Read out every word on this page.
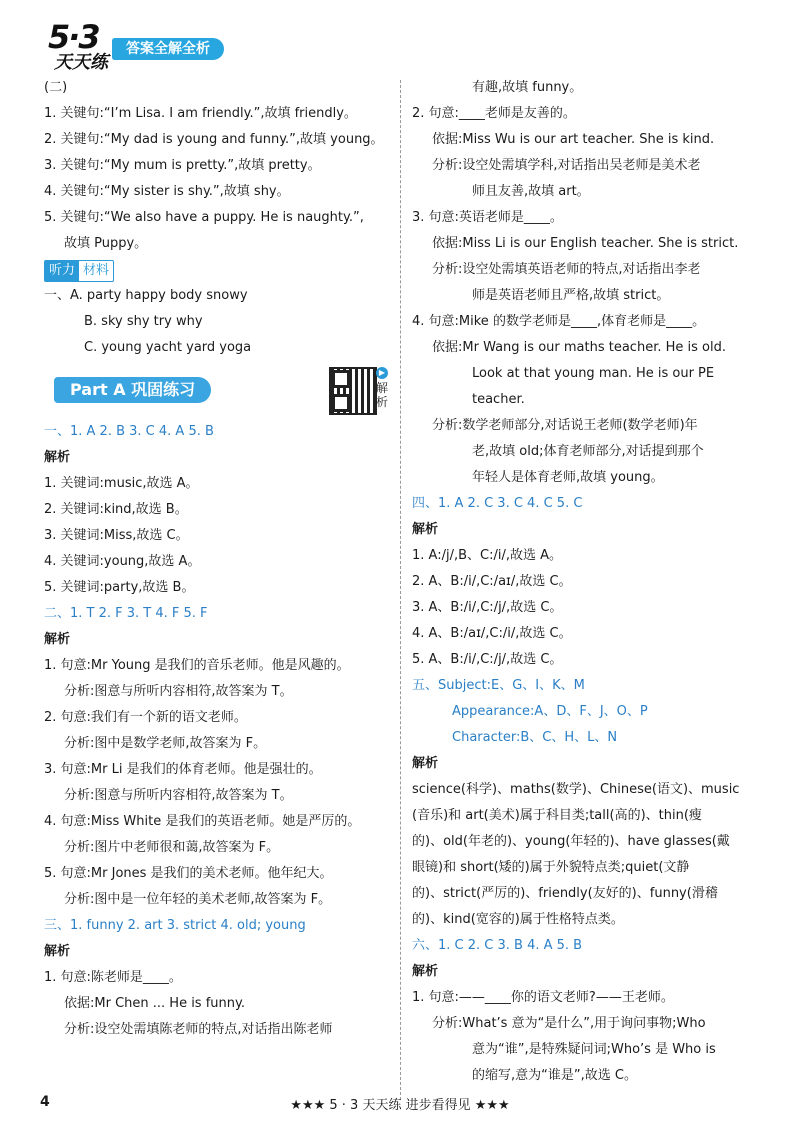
5·3
天天练
答案全解全析
(二)
1. 关键句:“I’m Lisa. I am friendly.”,故填 friendly。
2. 关键句:“My dad is young and funny.”,故填 young。
3. 关键句:“My mum is pretty.”,故填 pretty。
4. 关键句:“My sister is shy.”,故填 shy。
5. 关键句:“We also have a puppy. He is naughty.”,
故填 Puppy。
听力 材料
一、A. party happy body snowy
B. sky shy try why
C. young yacht yard yoga
Part A 巩固练习
▶
解析
一、1. A 2. B 3. C 4. A 5. B
解析
1. 关键词:music,故选 A。
2. 关键词:kind,故选 B。
3. 关键词:Miss,故选 C。
4. 关键词:young,故选 A。
5. 关键词:party,故选 B。
二、1. T 2. F 3. T 4. F 5. F
解析
1. 句意:Mr Young 是我们的音乐老师。他是风趣的。
分析:图意与所听内容相符,故答案为 T。
2. 句意:我们有一个新的语文老师。
分析:图中是数学老师,故答案为 F。
3. 句意:Mr Li 是我们的体育老师。他是强壮的。
分析:图意与所听内容相符,故答案为 T。
4. 句意:Miss White 是我们的英语老师。她是严厉的。
分析:图片中老师很和蔼,故答案为 F。
5. 句意:Mr Jones 是我们的美术老师。他年纪大。
分析:图中是一位年轻的美术老师,故答案为 F。
三、1. funny 2. art 3. strict 4. old; young
解析
1. 句意:陈老师是____。
依据:Mr Chen ... He is funny.
分析:设空处需填陈老师的特点,对话指出陈老师
有趣,故填 funny。
2. 句意:____老师是友善的。
依据:Miss Wu is our art teacher. She is kind.
分析:设空处需填学科,对话指出吴老师是美术老
师且友善,故填 art。
3. 句意:英语老师是____。
依据:Miss Li is our English teacher. She is strict.
分析:设空处需填英语老师的特点,对话指出李老
师是英语老师且严格,故填 strict。
4. 句意:Mike 的数学老师是____,体育老师是____。
依据:Mr Wang is our maths teacher. He is old.
Look at that young man. He is our PE
teacher.
分析:数学老师部分,对话说王老师(数学老师)年
老,故填 old;体育老师部分,对话提到那个
年轻人是体育老师,故填 young。
四、1. A 2. C 3. C 4. C 5. C
解析
1. A:/j/,B、C:/i/,故选 A。
2. A、B:/i/,C:/aɪ/,故选 C。
3. A、B:/i/,C:/j/,故选 C。
4. A、B:/aɪ/,C:/i/,故选 C。
5. A、B:/i/,C:/j/,故选 C。
五、Subject:E、G、I、K、M
Appearance:A、D、F、J、O、P
Character:B、C、H、L、N
解析
science(科学)、maths(数学)、Chinese(语文)、music
(音乐)和 art(美术)属于科目类;tall(高的)、thin(瘦
的)、old(年老的)、young(年轻的)、have glasses(戴
眼镜)和 short(矮的)属于外貌特点类;quiet(文静
的)、strict(严厉的)、friendly(友好的)、funny(滑稽
的)、kind(宽容的)属于性格特点类。
六、1. C 2. C 3. B 4. A 5. B
解析
1. 句意:——____你的语文老师?——王老师。
分析:What’s 意为“是什么”,用于询问事物;Who
意为“谁”,是特殊疑问词;Who’s 是 Who is
的缩写,意为“谁是”,故选 C。
4	★★★ 5 · 3 天天练 进步看得见 ★★★
